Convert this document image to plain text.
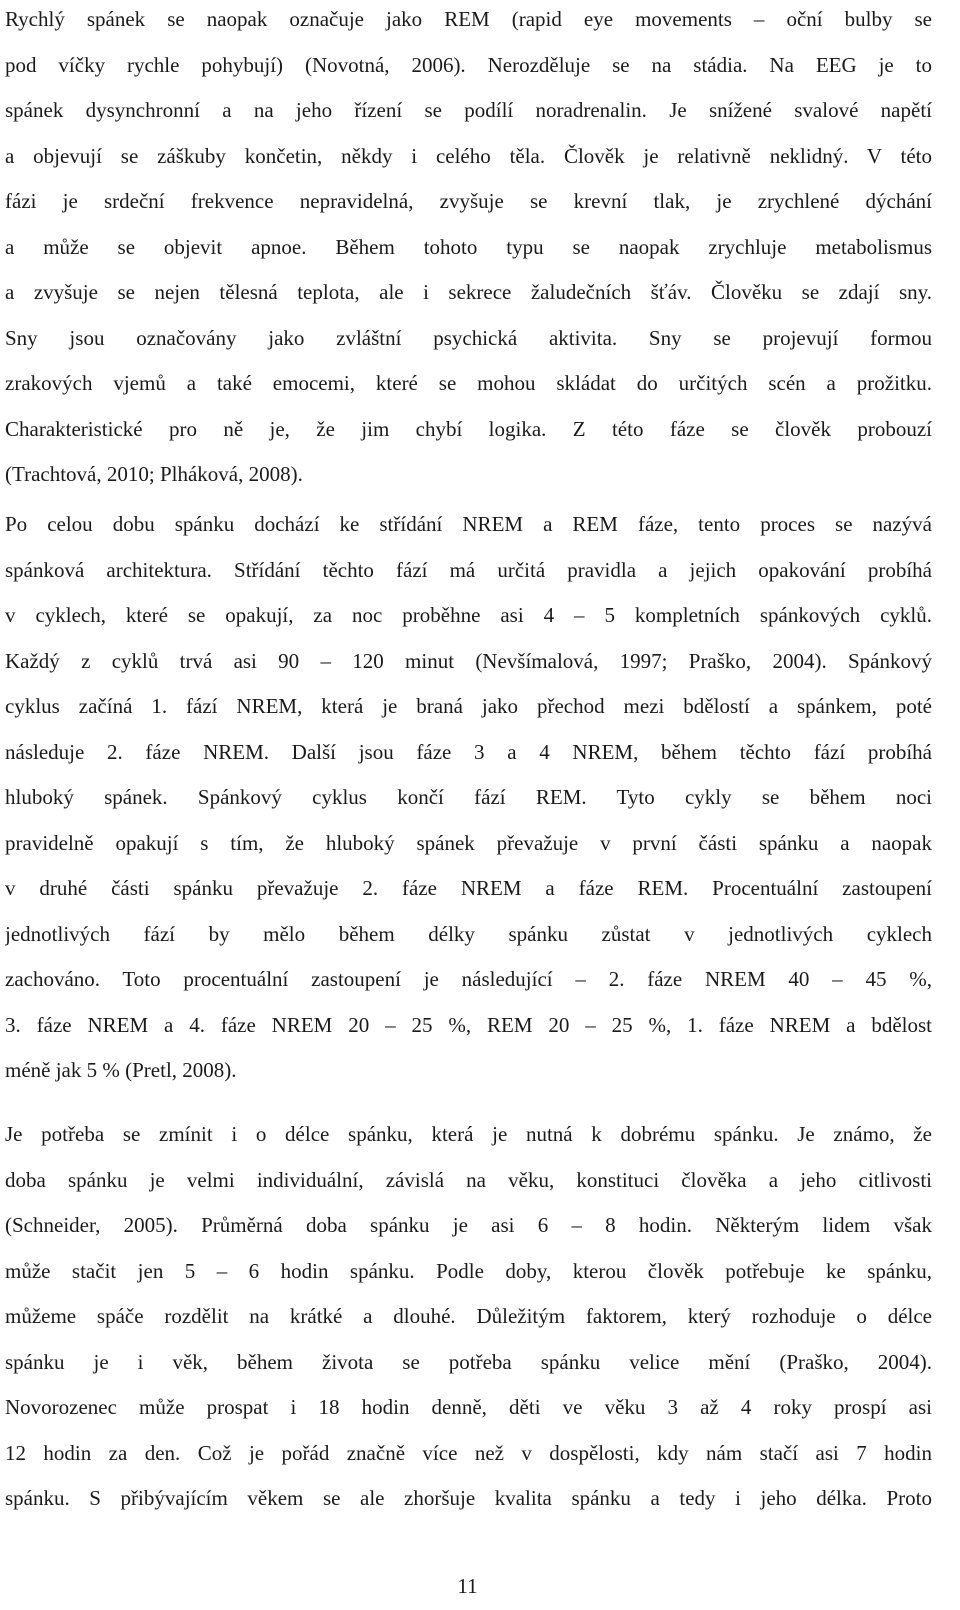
Rychlý spánek se naopak označuje jako REM (rapid eye movements – oční bulby se
pod víčky rychle pohybují) (Novotná, 2006). Nerozděluje se na stádia. Na EEG je to
spánek dysynchronní a na jeho řízení se podílí noradrenalin. Je snížené svalové napětí
a objevují se záškuby končetin, někdy i celého těla. Člověk je relativně neklidný. V této
fázi je srdeční frekvence nepravidelná, zvyšuje se krevní tlak, je zrychlené dýchání
a může se objevit apnoe. Během tohoto typu se naopak zrychluje metabolismus
a zvyšuje se nejen tělesná teplota, ale i sekrece žaludečních šťáv. Člověku se zdají sny.
Sny jsou označovány jako zvláštní psychická aktivita. Sny se projevují formou
zrakových vjemů a také emocemi, které se mohou skládat do určitých scén a prožitku.
Charakteristické pro ně je, že jim chybí logika. Z této fáze se člověk probouzí
(Trachtová, 2010; Plháková, 2008).
Po celou dobu spánku dochází ke střídání NREM a REM fáze, tento proces se nazývá
spánková architektura. Střídání těchto fází má určitá pravidla a jejich opakování probíhá
v cyklech, které se opakují, za noc proběhne asi 4 – 5 kompletních spánkových cyklů.
Každý z cyklů trvá asi 90 – 120 minut (Nevšímalová, 1997; Praško, 2004). Spánkový
cyklus začíná 1. fází NREM, která je braná jako přechod mezi bdělostí a spánkem, poté
následuje 2. fáze NREM. Další jsou fáze 3 a 4 NREM, během těchto fází probíhá
hluboký spánek. Spánkový cyklus končí fází REM. Tyto cykly se během noci
pravidelně opakují s tím, že hluboký spánek převažuje v první části spánku a naopak
v druhé části spánku převažuje 2. fáze NREM a fáze REM. Procentuální zastoupení
jednotlivých fází by mělo během délky spánku zůstat v jednotlivých cyklech
zachováno. Toto procentuální zastoupení je následující – 2. fáze NREM 40 – 45 %,
3. fáze NREM a 4. fáze NREM 20 – 25 %, REM 20 – 25 %, 1. fáze NREM a bdělost
méně jak 5 % (Pretl, 2008).
Je potřeba se zmínit i o délce spánku, která je nutná k dobrému spánku. Je známo, že
doba spánku je velmi individuální, závislá na věku, konstituci člověka a jeho citlivosti
(Schneider, 2005). Průměrná doba spánku je asi 6 – 8 hodin. Některým lidem však
může stačit jen 5 – 6 hodin spánku. Podle doby, kterou člověk potřebuje ke spánku,
můžeme spáče rozdělit na krátké a dlouhé. Důležitým faktorem, který rozhoduje o délce
spánku je i věk, během života se potřeba spánku velice mění (Praško, 2004).
Novorozenec může prospat i 18 hodin denně, děti ve věku 3 až 4 roky prospí asi
12 hodin za den. Což je pořád značně více než v dospělosti, kdy nám stačí asi 7 hodin
spánku. S přibývajícím věkem se ale zhoršuje kvalita spánku a tedy i jeho délka. Proto
11
